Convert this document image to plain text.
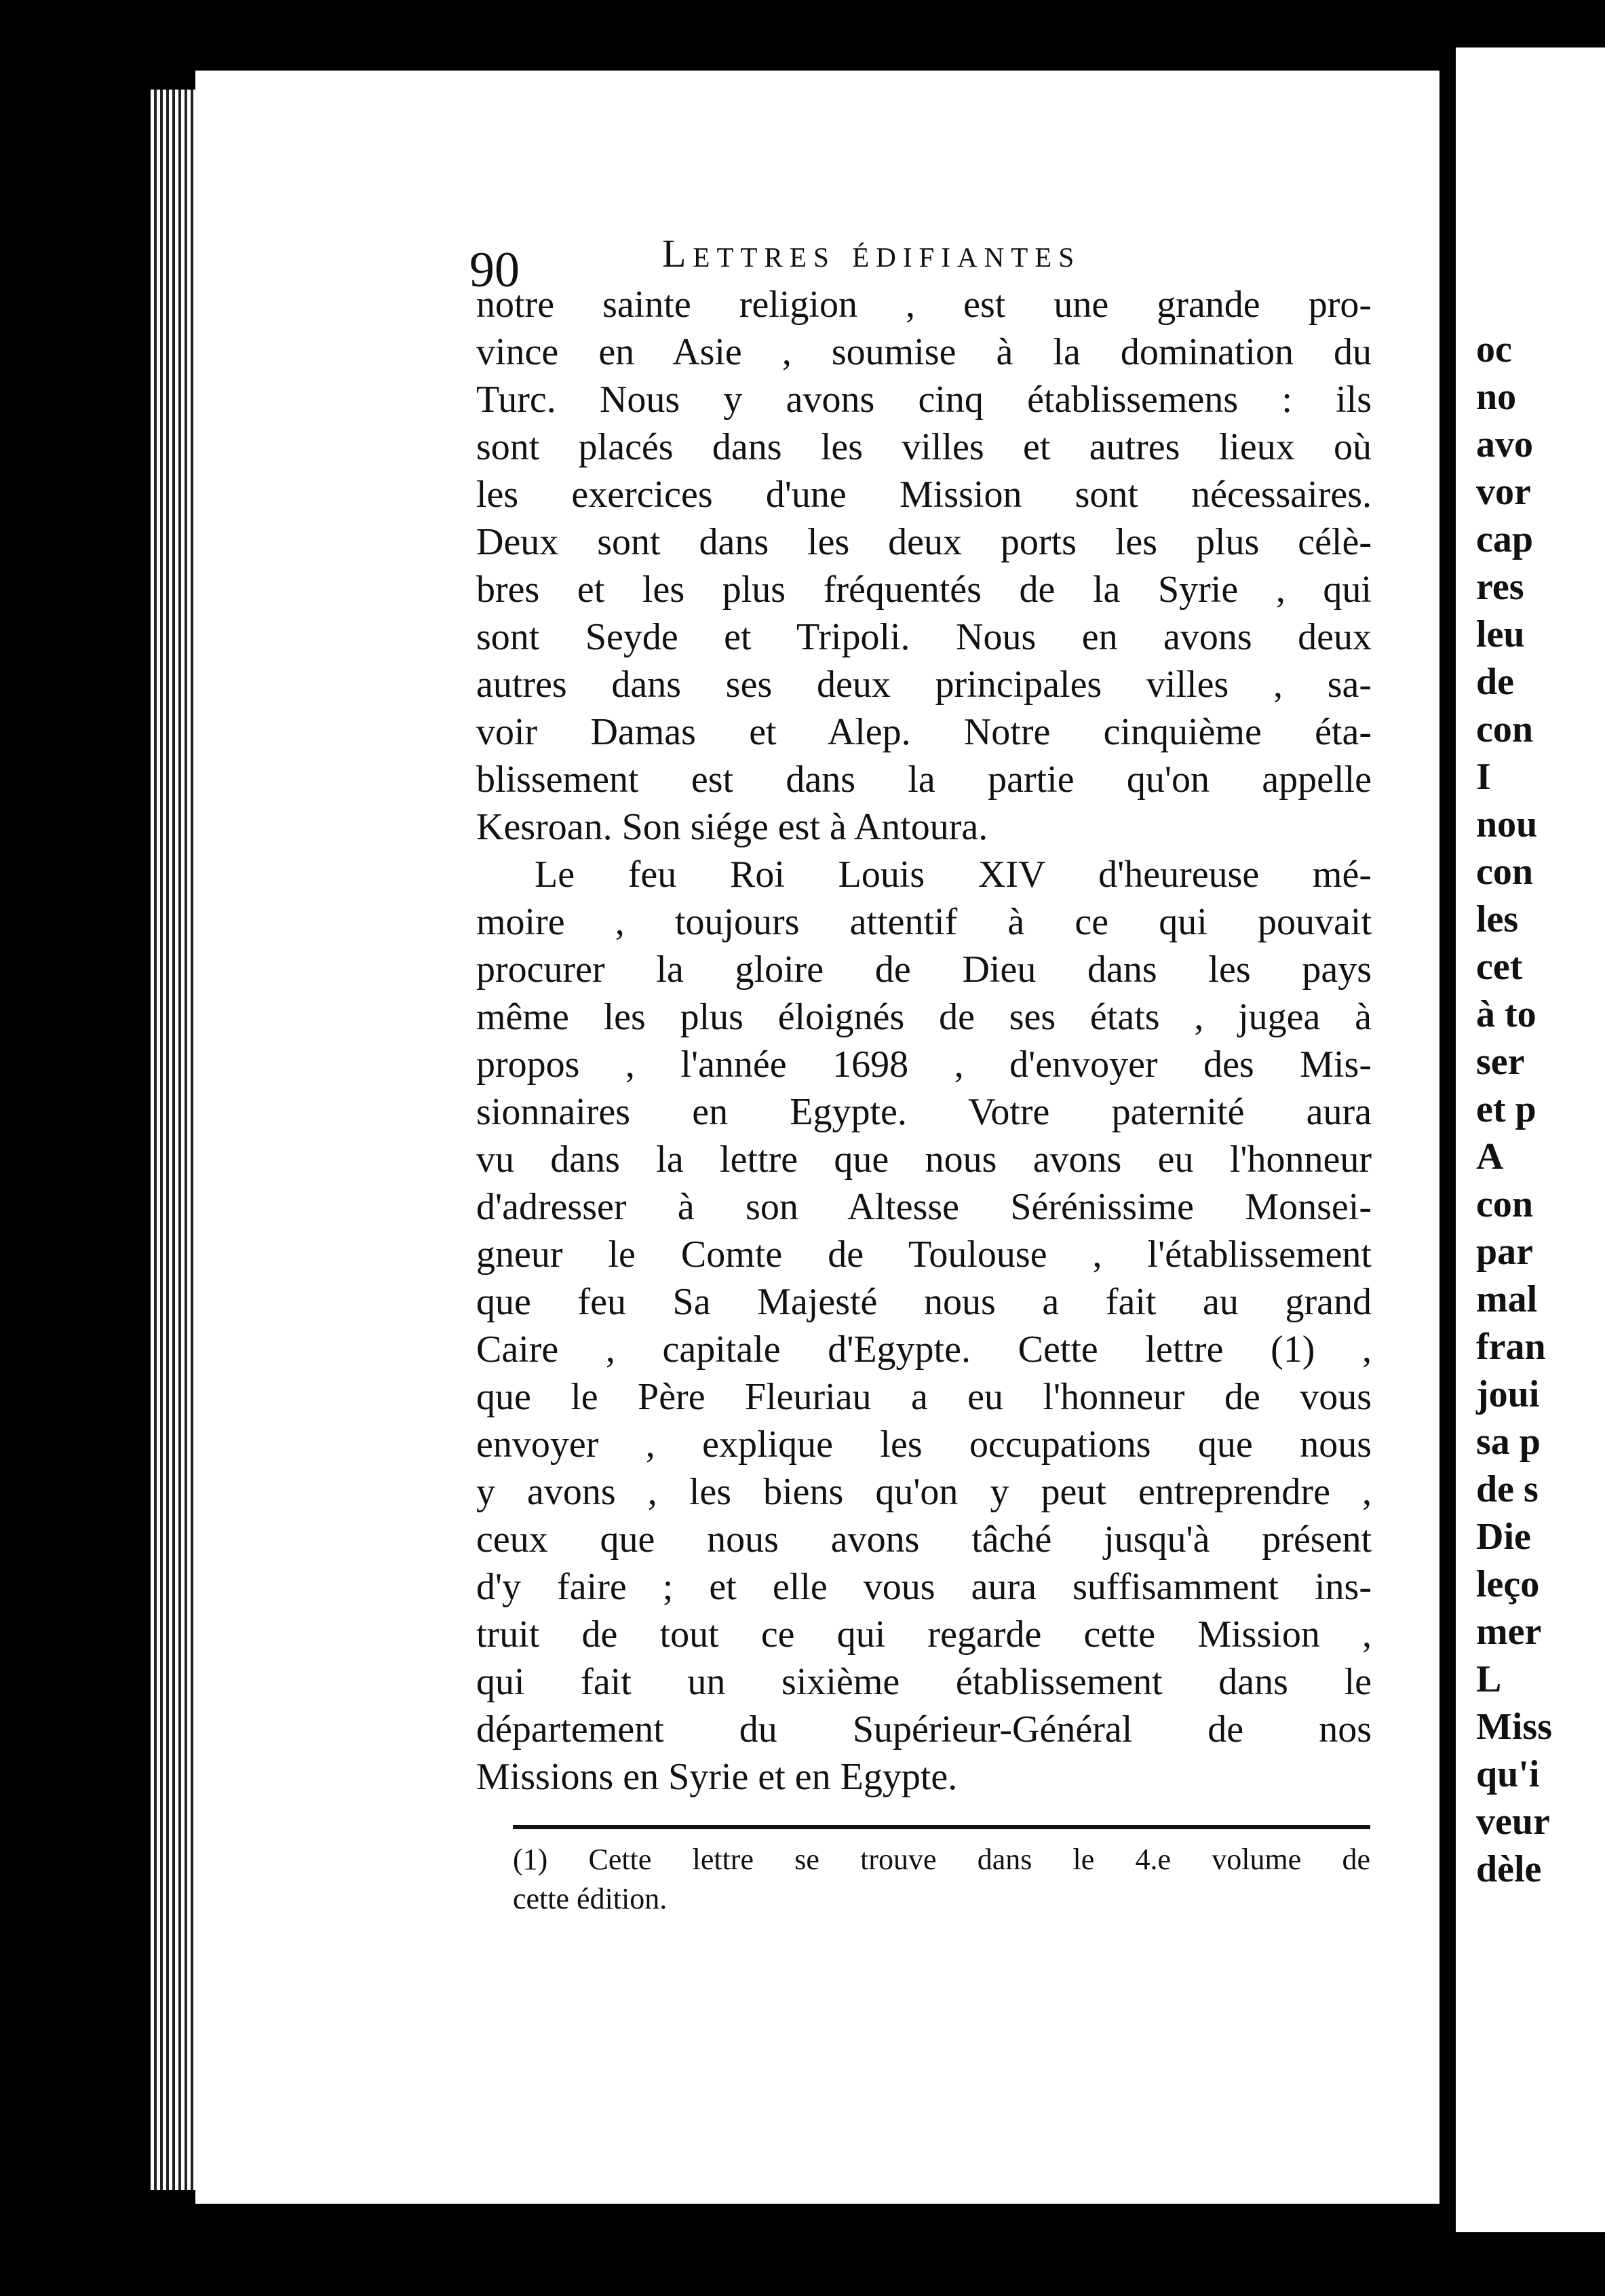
90	Lettres édifiantes
notre sainte religion , est une grande pro-
vince en Asie , soumise à la domination du
Turc. Nous y avons cinq établissemens : ils
sont placés dans les villes et autres lieux où
les exercices d'une Mission sont nécessaires.
Deux sont dans les deux ports les plus célè-
bres et les plus fréquentés de la Syrie , qui
sont Seyde et Tripoli. Nous en avons deux
autres dans ses deux principales villes , sa-
voir Damas et Alep. Notre cinquième éta-
blissement est dans la partie qu'on appelle
Kesroan. Son siége est à Antoura.
Le feu Roi Louis XIV d'heureuse mé-
moire , toujours attentif à ce qui pouvait
procurer la gloire de Dieu dans les pays
même les plus éloignés de ses états , jugea à
propos , l'année 1698 , d'envoyer des Mis-
sionnaires en Egypte. Votre paternité aura
vu dans la lettre que nous avons eu l'honneur
d'adresser à son Altesse Sérénissime Monsei-
gneur le Comte de Toulouse , l'établissement
que feu Sa Majesté nous a fait au grand
Caire , capitale d'Egypte. Cette lettre (1) ,
que le Père Fleuriau a eu l'honneur de vous
envoyer , explique les occupations que nous
y avons , les biens qu'on y peut entreprendre ,
ceux que nous avons tâché jusqu'à présent
d'y faire ; et elle vous aura suffisamment ins-
truit de tout ce qui regarde cette Mission ,
qui fait un sixième établissement dans le
département du Supérieur-Général de nos
Missions en Syrie et en Egypte.
(1) Cette lettre se trouve dans le 4.e volume de
cette édition.
oc
no
avo
vor
cap
res
leu
de
con
I
nou
con
les
cet
à to
ser
et p
A
con
par
mal
fran
joui
sa p
de s
Die
leço
mer
L
Miss
qu'i
veur
dèle
